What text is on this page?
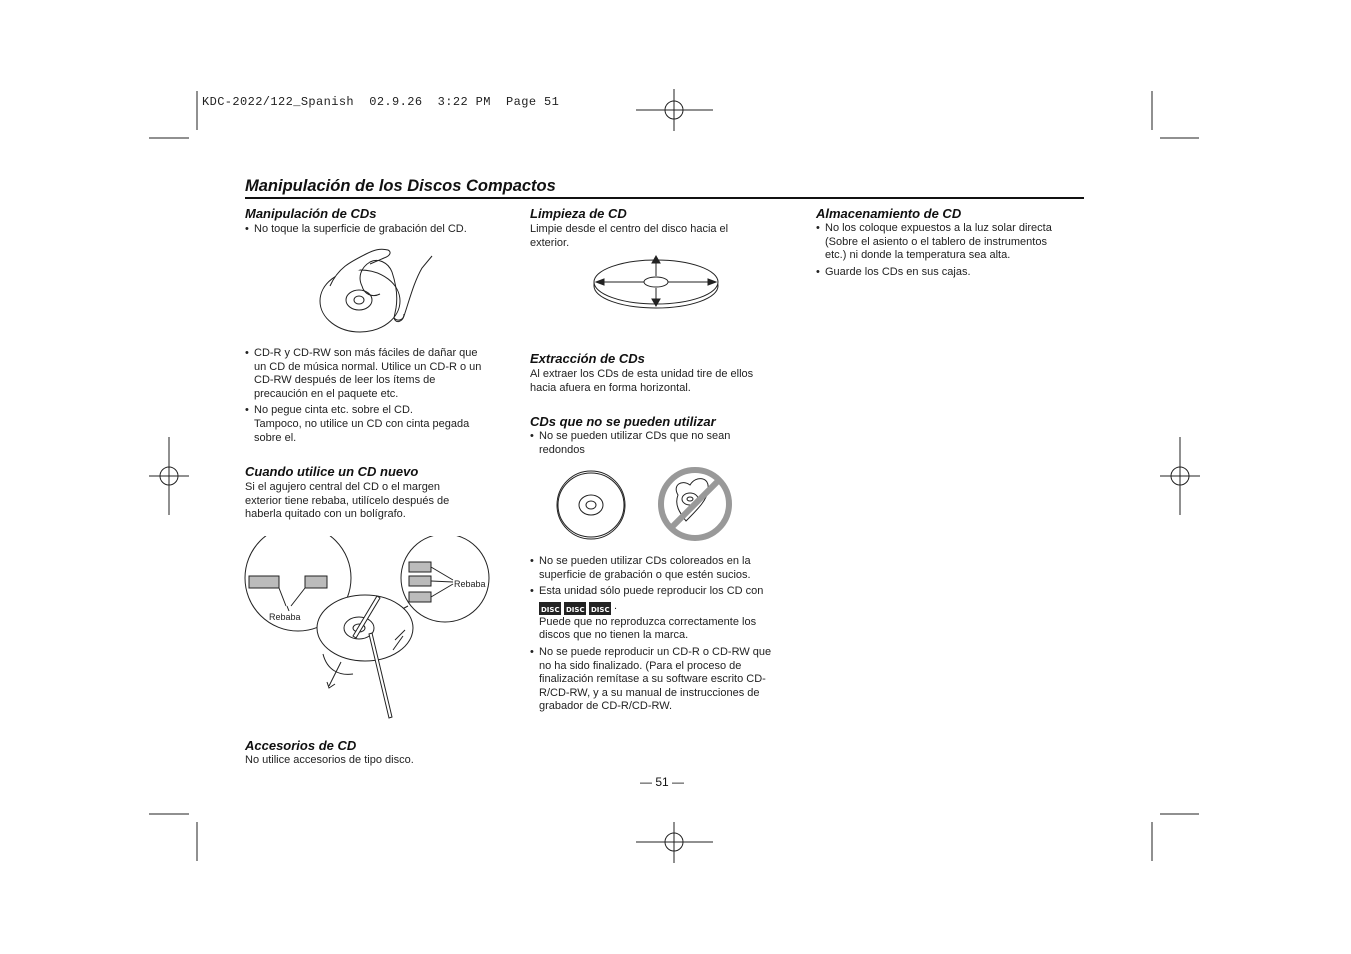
KDC-2022/122_Spanish  02.9.26  3:22 PM  Page 51
Manipulación de los Discos Compactos
Manipulación de CDs
• No toque la superficie de grabación del CD.
• CD-R y CD-RW son más fáciles de dañar que
un CD de música normal. Utilice un CD-R o un
CD-RW después de leer los ítems de
precaución en el paquete etc.
• No pegue cinta etc. sobre el CD.
Tampoco, no utilice un CD con cinta pegada
sobre el.
Cuando utilice un CD nuevo
Si el agujero central del CD o el margen
exterior tiene rebaba, utilícelo después de
haberla quitado con un bolígrafo.
Rebaba
Rebaba
Accesorios de CD
No utilice accesorios de tipo disco.
Limpieza de CD
Limpie desde el centro del disco hacia el
exterior.
Extracción de CDs
Al extraer los CDs de esta unidad tire de ellos
hacia afuera en forma horizontal.
CDs que no se pueden utilizar
• No se pueden utilizar CDs que no sean
redondos
• No se pueden utilizar CDs coloreados en la
superficie de grabación o que estén sucios.
• Esta unidad sólo puede reproducir los CD con
DISC DISC DISC .
Puede que no reproduzca correctamente los
discos que no tienen la marca.
• No se puede reproducir un CD-R o CD-RW que
no ha sido finalizado. (Para el proceso de
finalización remítase a su software escrito CD-
R/CD-RW, y a su manual de instrucciones de
grabador de CD-R/CD-RW.
Almacenamiento de CD
• No los coloque expuestos a la luz solar directa
(Sobre el asiento o el tablero de instrumentos
etc.) ni donde la temperatura sea alta.
• Guarde los CDs en sus cajas.
— 51 —
